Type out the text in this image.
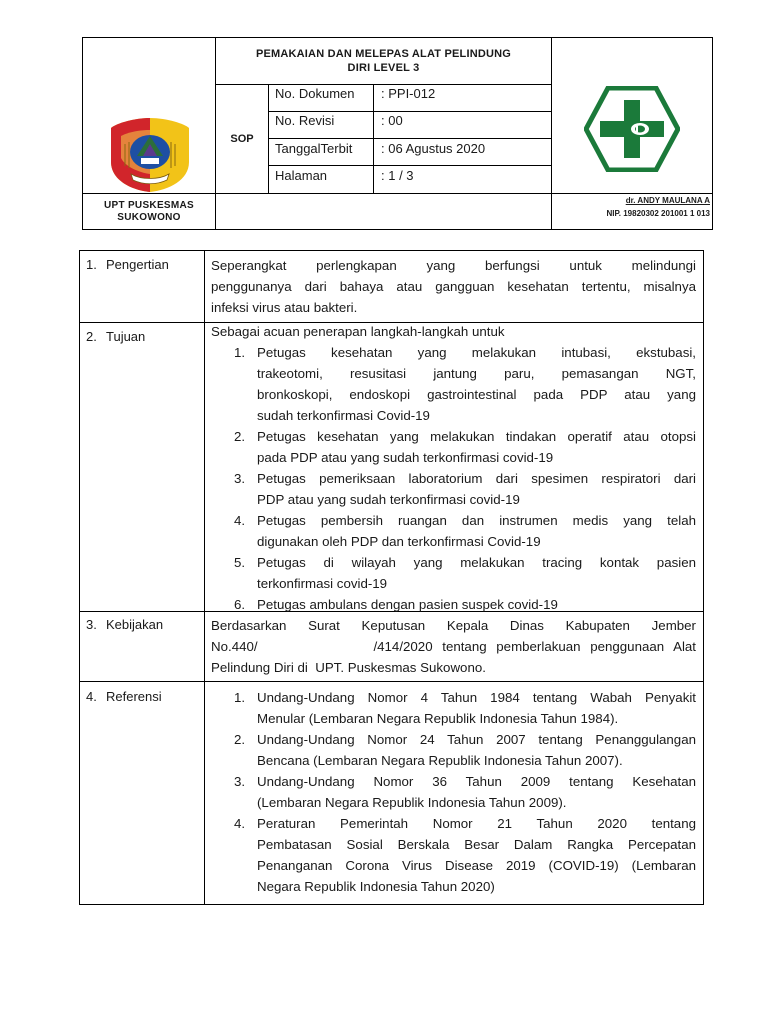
PEMAKAIAN DAN MELEPAS ALAT PELINDUNG
DIRI LEVEL 3
SOP
No. Dokumen : PPI-012
No. Revisi	: 00
TanggalTerbit : 06 Agustus 2020
Halaman	: 1 / 3
UPT PUSKESMAS
SUKOWONO
dr. ANDY MAULANA A
NIP. 19820302 201001 1 013
1. Pengertian	Seperangkat perlengkapan yang berfungsi untuk melindungi
penggunanya dari bahaya atau gangguan kesehatan tertentu, misalnya
infeksi virus atau bakteri.
2. Tujuan	Sebagai acuan penerapan langkah-langkah untuk
1. Petugas kesehatan yang melakukan intubasi, ekstubasi,
trakeotomi, resusitasi jantung paru, pemasangan NGT,
bronkoskopi, endoskopi gastrointestinal pada PDP atau yang
sudah terkonfirmasi Covid-19
2. Petugas kesehatan yang melakukan tindakan operatif atau otopsi
pada PDP atau yang sudah terkonfirmasi covid-19
3. Petugas pemeriksaan laboratorium dari spesimen respiratori dari
PDP atau yang sudah terkonfirmasi covid-19
4. Petugas pembersih ruangan dan instrumen medis yang telah
digunakan oleh PDP dan terkonfirmasi Covid-19
5. Petugas di wilayah yang melakukan tracing kontak pasien
terkonfirmasi covid-19
6. Petugas ambulans dengan pasien suspek covid-19
3. Kebijakan	Berdasarkan Surat Keputusan Kepala Dinas Kabupaten Jember
No.440/            /414/2020 tentang pemberlakuan penggunaan Alat
Pelindung Diri di  UPT. Puskesmas Sukowono.
4. Referensi	1. Undang-Undang Nomor 4 Tahun 1984 tentang Wabah Penyakit
Menular (Lembaran Negara Republik Indonesia Tahun 1984).
2. Undang-Undang Nomor 24 Tahun 2007 tentang Penanggulangan
Bencana (Lembaran Negara Republik Indonesia Tahun 2007).
3. Undang-Undang Nomor 36 Tahun 2009 tentang Kesehatan
(Lembaran Negara Republik Indonesia Tahun 2009).
4. Peraturan Pemerintah Nomor 21 Tahun 2020 tentang
Pembatasan Sosial Berskala Besar Dalam Rangka Percepatan
Penanganan Corona Virus Disease 2019 (COVID-19) (Lembaran
Negara Republik Indonesia Tahun 2020)
